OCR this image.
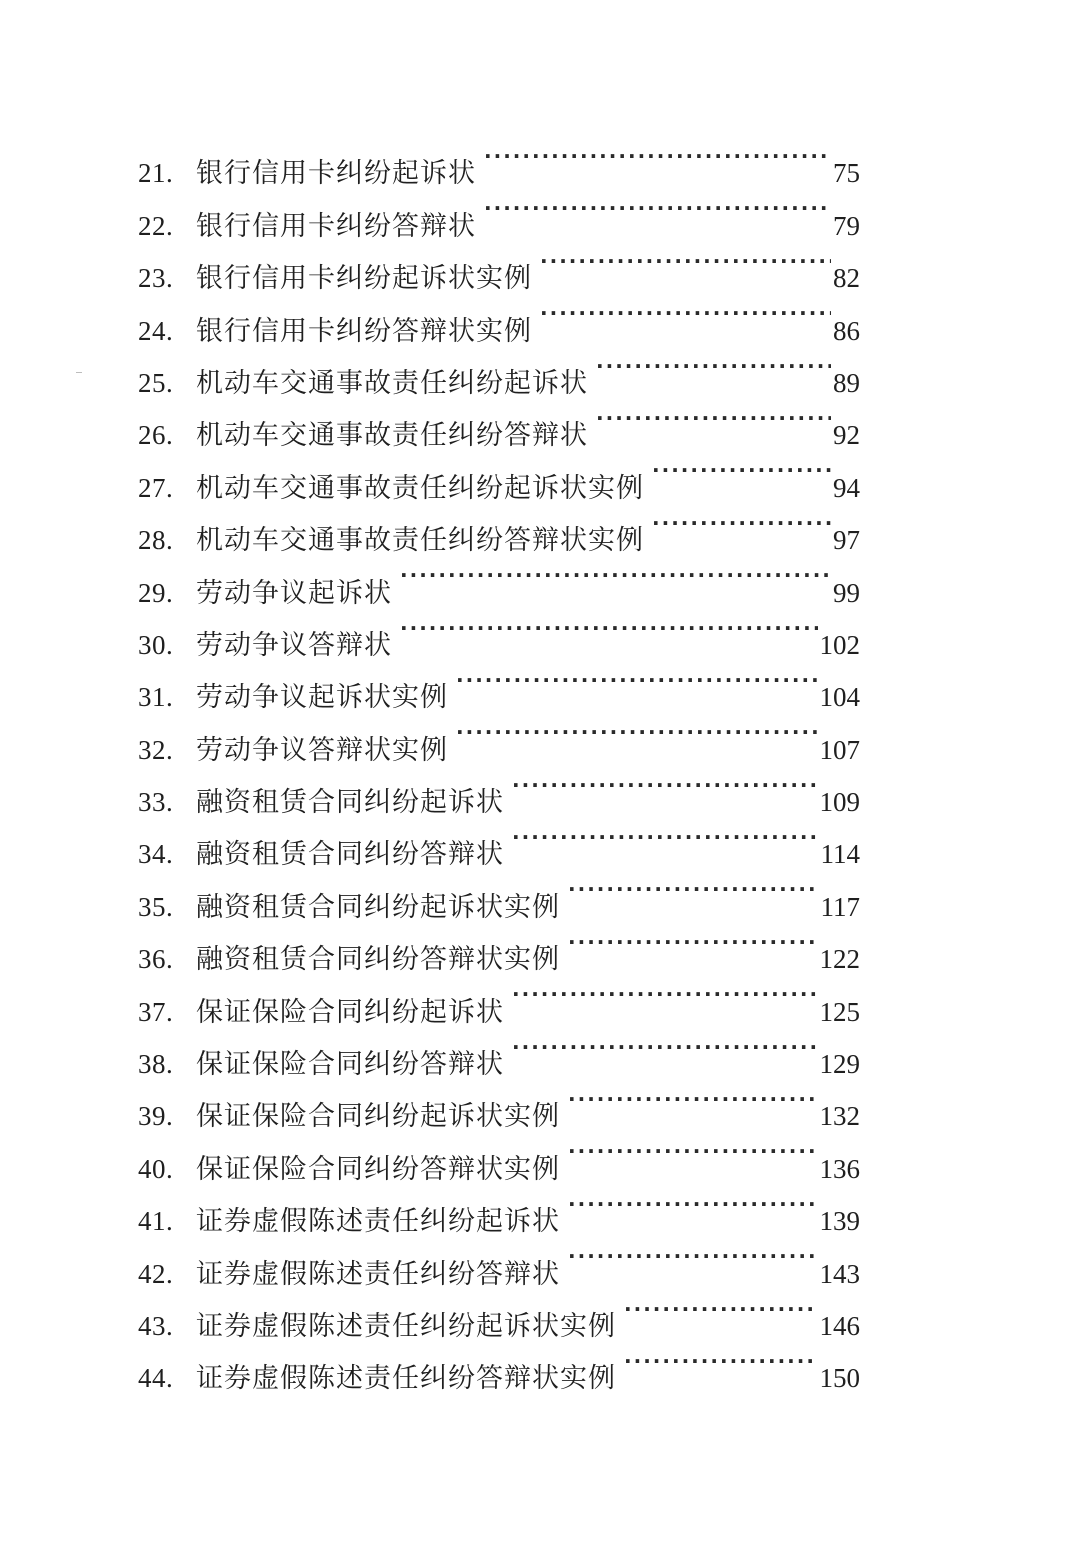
21. 银行信用卡纠纷起诉状 ·····	75
22. 银行信用卡纠纷答辩状 ·····	79
23. 银行信用卡纠纷起诉状实例 ·····	82
24. 银行信用卡纠纷答辩状实例 ·····	86
25. 机动车交通事故责任纠纷起诉状 ·····	89
26. 机动车交通事故责任纠纷答辩状 ·····	92
27. 机动车交通事故责任纠纷起诉状实例 ·····	94
28. 机动车交通事故责任纠纷答辩状实例 ·····	97
29. 劳动争议起诉状 ·····	99
30. 劳动争议答辩状 ·····	102
31. 劳动争议起诉状实例 ·····	104
32. 劳动争议答辩状实例 ·····	107
33. 融资租赁合同纠纷起诉状 ·····	109
34. 融资租赁合同纠纷答辩状 ·····	114
35. 融资租赁合同纠纷起诉状实例 ·····	117
36. 融资租赁合同纠纷答辩状实例 ·····	122
37. 保证保险合同纠纷起诉状 ·····	125
38. 保证保险合同纠纷答辩状 ·····	129
39. 保证保险合同纠纷起诉状实例 ·····	132
40. 保证保险合同纠纷答辩状实例 ·····	136
41. 证券虚假陈述责任纠纷起诉状 ·····	139
42. 证券虚假陈述责任纠纷答辩状 ·····	143
43. 证券虚假陈述责任纠纷起诉状实例 ·····	146
44. 证券虚假陈述责任纠纷答辩状实例 ·····	150
